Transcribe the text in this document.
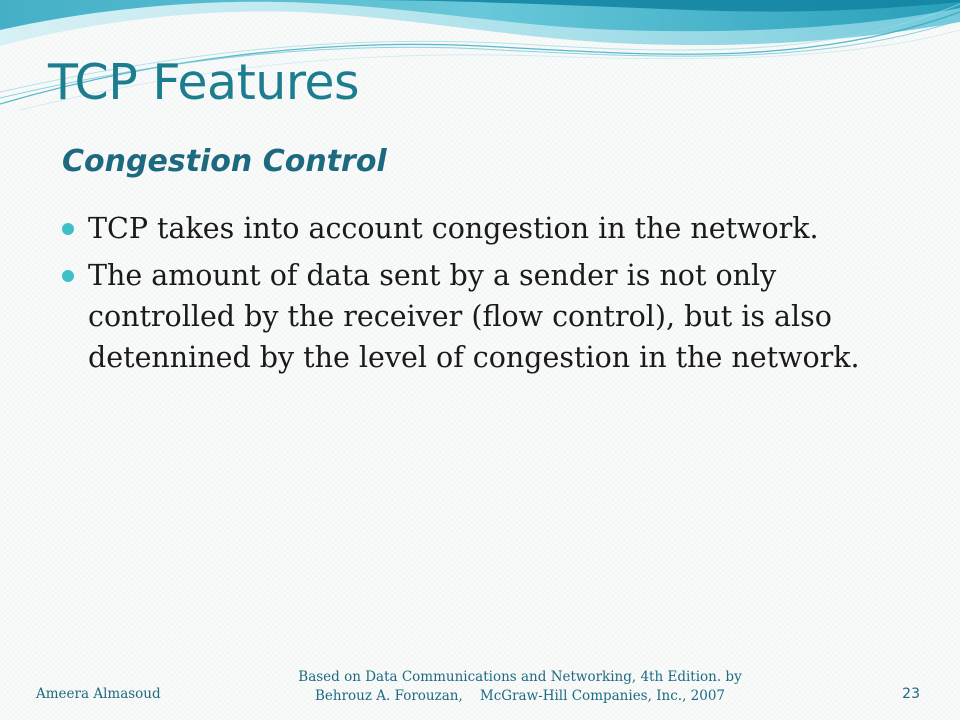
TCP Features
Congestion Control
TCP takes into account congestion in the network.
The amount of data sent by a sender is not only controlled by the receiver (flow control), but is also detennined by the level of congestion in the network.

Ameera Almasoud

Based on Data Communications and Networking, 4th Edition. by
Behrouz A. Forouzan,    McGraw-Hill Companies, Inc., 2007	23
